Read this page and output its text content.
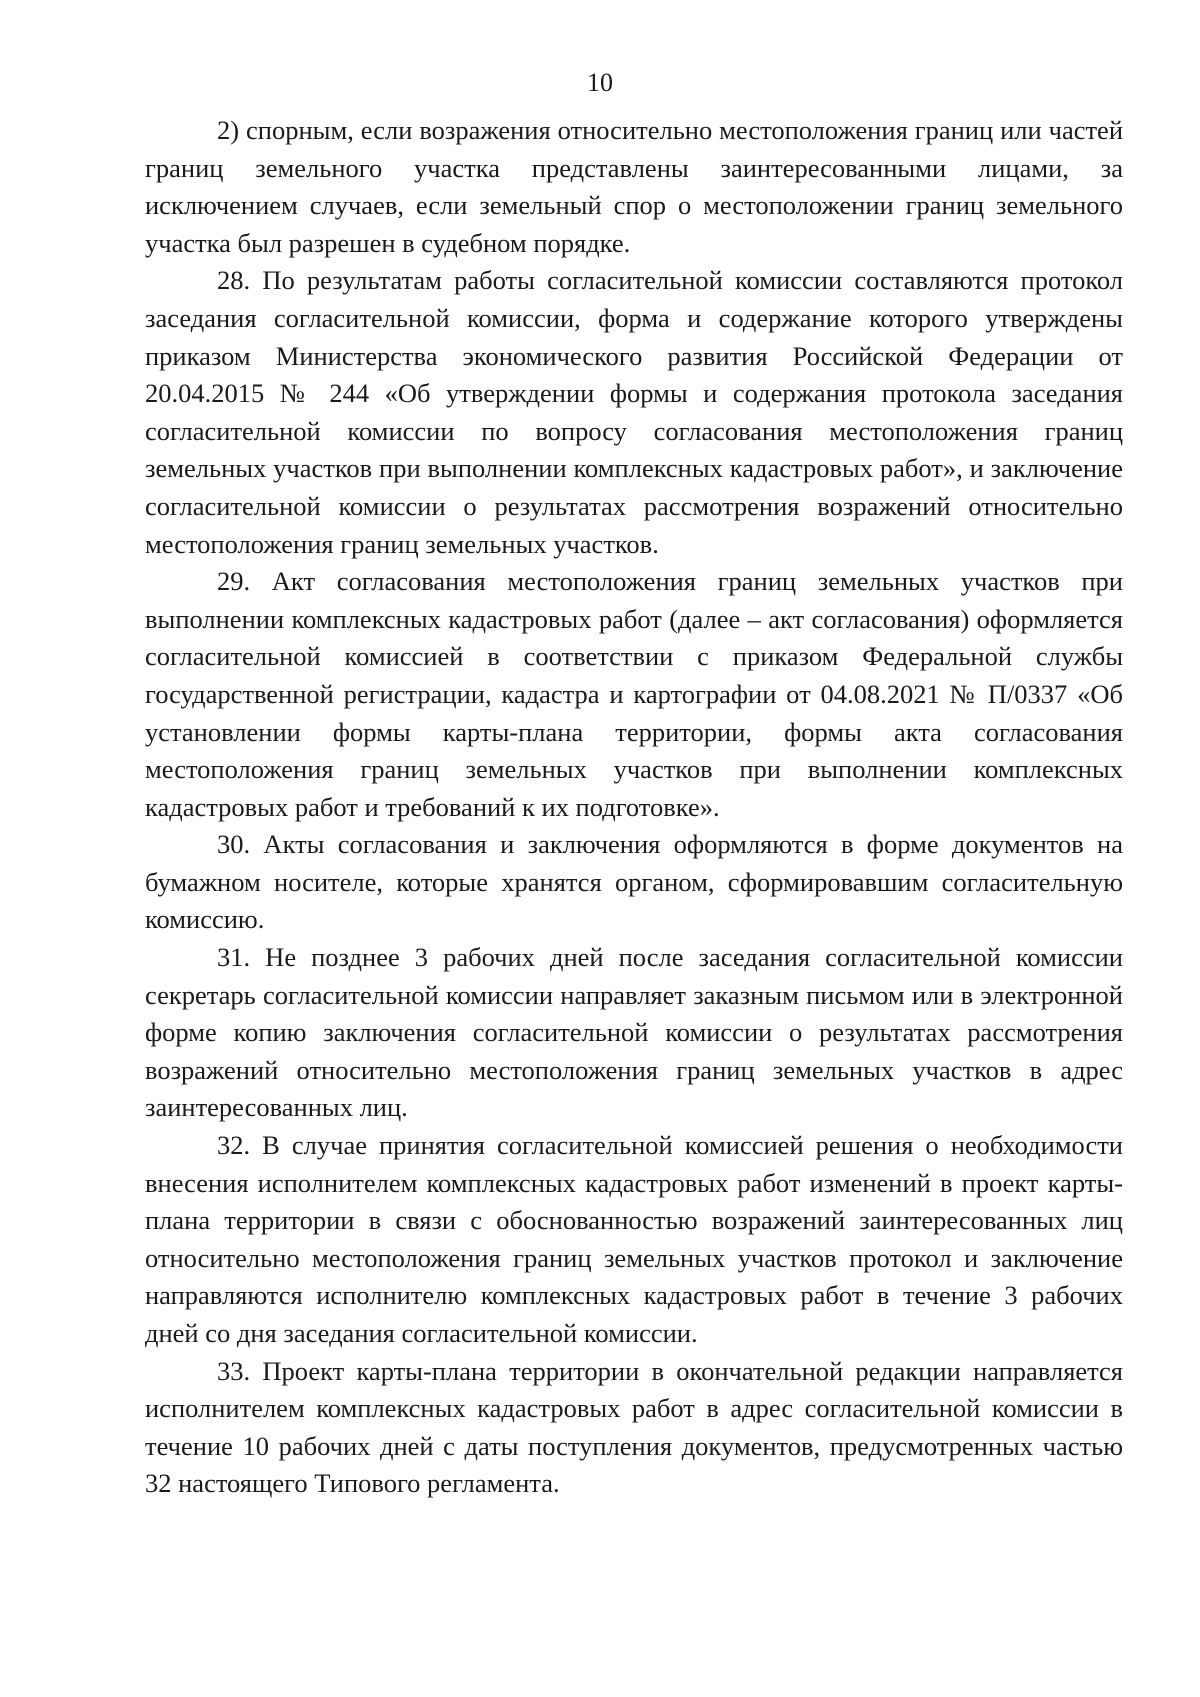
10

2) спорным, если возражения относительно местоположения границ или частей границ земельного участка представлены заинтересованными лицами, за исключением случаев, если земельный спор о местоположении границ земельного участка был разрешен в судебном порядке.

28. По результатам работы согласительной комиссии составляются протокол заседания согласительной комиссии, форма и содержание которого утверждены приказом Министерства экономического развития Российской Федерации от 20.04.2015 № 244 «Об утверждении формы и содержания протокола заседания согласительной комиссии по вопросу согласования местоположения границ земельных участков при выполнении комплексных кадастровых работ», и заключение согласительной комиссии о результатах рассмотрения возражений относительно местоположения границ земельных участков.

29. Акт согласования местоположения границ земельных участков при выполнении комплексных кадастровых работ (далее – акт согласования) оформляется согласительной комиссией в соответствии с приказом Федеральной службы государственной регистрации, кадастра и картографии от 04.08.2021 № П/0337 «Об установлении формы карты-плана территории, формы акта согласования местоположения границ земельных участков при выполнении комплексных кадастровых работ и требований к их подготовке».

30. Акты согласования и заключения оформляются в форме документов на бумажном носителе, которые хранятся органом, сформировавшим согласительную комиссию.

31. Не позднее 3 рабочих дней после заседания согласительной комиссии секретарь согласительной комиссии направляет заказным письмом или в электронной форме копию заключения согласительной комиссии о результатах рассмотрения возражений относительно местоположения границ земельных участков в адрес заинтересованных лиц.

32. В случае принятия согласительной комиссией решения о необходимости внесения исполнителем комплексных кадастровых работ изменений в проект карты-плана территории в связи с обоснованностью возражений заинтересованных лиц относительно местоположения границ земельных участков протокол и заключение направляются исполнителю комплексных кадастровых работ в течение 3 рабочих дней со дня заседания согласительной комиссии.

33. Проект карты-плана территории в окончательной редакции направляется исполнителем комплексных кадастровых работ в адрес согласительной комиссии в течение 10 рабочих дней с даты поступления документов, предусмотренных частью 32 настоящего Типового регламента.
